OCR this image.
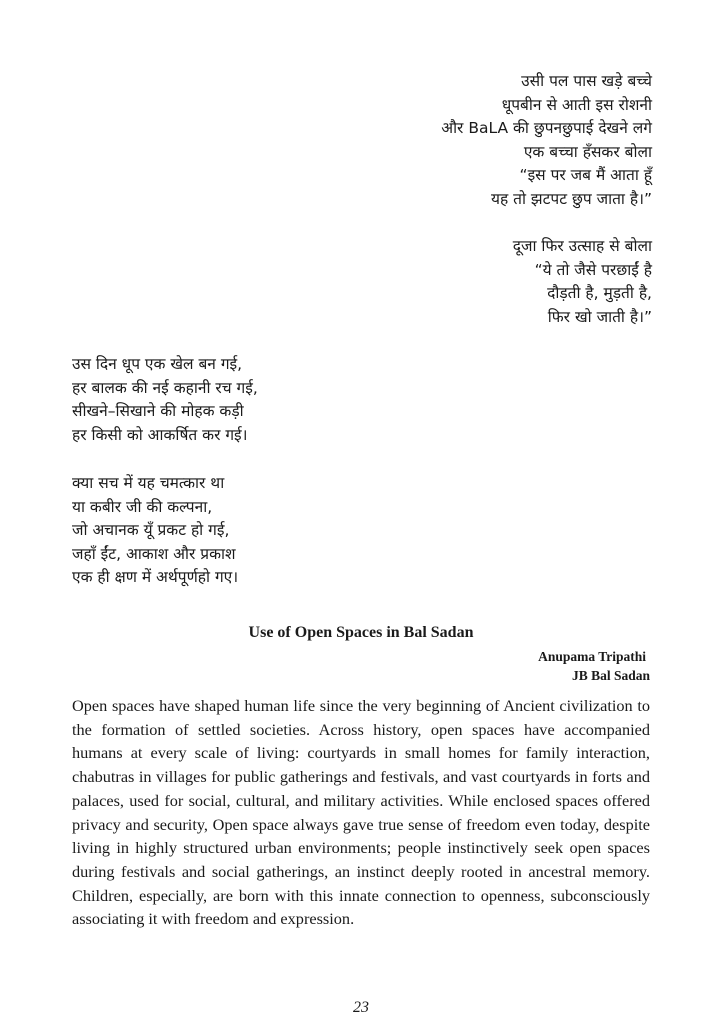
उसी पल पास खड़े बच्चे
धूपबीन से आती इस रोशनी
और BaLA की छुपनछुपाई देखने लगे
एक बच्चा हँसकर बोला
“इस पर जब मैं आता हूँ
यह तो झटपट छुप जाता है।”
दूजा फिर उत्साह से बोला
“ये तो जैसे परछाईं है
दौड़ती है, मुड़ती है,
फिर खो जाती है।”
उस दिन धूप एक खेल बन गई,
हर बालक की नई कहानी रच गई,
सीखने–सिखाने की मोहक कड़ी
हर किसी को आकर्षित कर गई।
क्या सच में यह चमत्कार था
या कबीर जी की कल्पना,
जो अचानक यूँ प्रकट हो गई,
जहाँ ईंट, आकाश और प्रकाश
एक ही क्षण में अर्थपूर्णहो गए।
Use of Open Spaces in Bal Sadan
Anupama Tripathi
JB Bal Sadan
Open spaces have shaped human life since the very beginning of Ancient civilization to the formation of settled societies. Across history, open spaces have accompanied humans at every scale of living: courtyards in small homes for family interaction, chabutras in villages for public gatherings and festivals, and vast courtyards in forts and palaces, used for social, cultural, and military activities. While enclosed spaces offered privacy and security, Open space always gave true sense of freedom even today, despite living in highly structured urban environments; people instinctively seek open spaces during festivals and social gatherings, an instinct deeply rooted in ancestral memory. Children, especially, are born with this innate connection to openness, subconsciously associating it with freedom and expression.
23
